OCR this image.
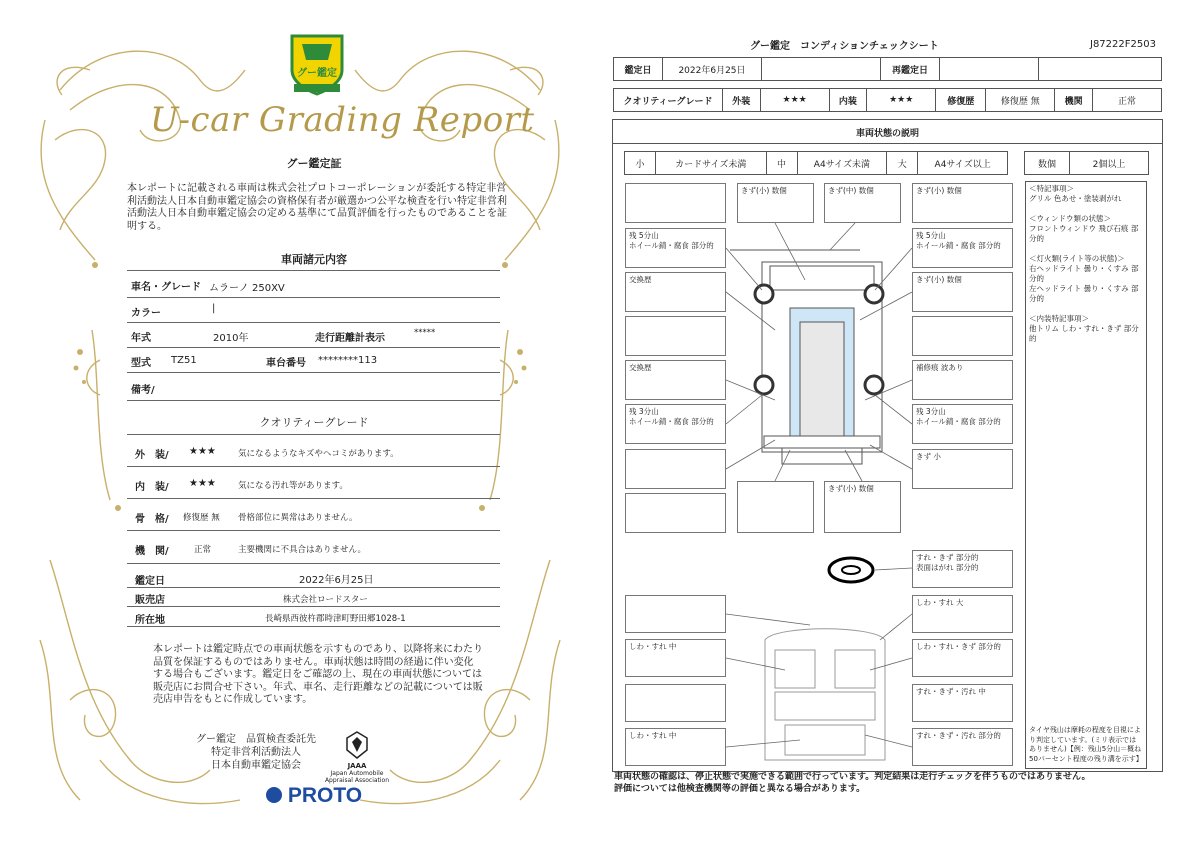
グー鑑定
U-car Grading Report
グー鑑定証
本レポートに記載される車両は株式会社プロトコーポレーションが委託する特定非営利活動法人日本自動車鑑定協会の資格保有者が厳選かつ公平な検査を行い特定非営利活動法人日本自動車鑑定協会の定める基準にて品質評価を行ったものであることを証明する。
車両諸元内容
車名・グレード ムラーノ 250XV
カラー	|
年式	2010年	走行距離計表示	*****
型式 TZ51	車台番号 ********113
備考/
クオリティーグレード
外　装/ ★★★	気になるようなキズやヘコミがあります。
内　装/ ★★★	気になる汚れ等があります。
骨　格/ 修復歴 無 骨格部位に異常はありません。
機　関/	正常	主要機関に不具合はありません。
鑑定日	2022年6月25日
販売店	株式会社ロードスター
所在地	長崎県西彼杵郡時津町野田郷1028-1
本レポートは鑑定時点での車両状態を示すものであり、以降将来にわたり品質を保証するものではありません。車両状態は時間の経過に伴い変化する場合もございます。鑑定日をご確認の上、現在の車両状態については販売店にお問合せ下さい。年式、車名、走行距離などの記載については販売店申告をもとに作成しています。
グー鑑定　品質検査委託先
特定非営利活動法人
日本自動車鑑定協会	JAAA
Japan Automobile Appraisal Association
PROTO
グー鑑定　コンディションチェックシート	J87222F2503
鑑定日	2022年6月25日		再鑑定日		
クオリティーグレード	外装	★★★	内装	★★★	修復歴	修復歴 無	機関	正常
車両状態の説明
小	カードサイズ未満	中	A4サイズ未満	大	A4サイズ以上	数個	2個以上
きず(小) 数個	きず(中) 数個	きず(小) 数個
残 5分山
ホイール錆・腐食 部分的
残 5分山
ホイール錆・腐食 部分的
交換歴	きず(小) 数個
交換歴	補修痕 波あり
残 3分山
ホイール錆・腐食 部分的
残 3分山
ホイール錆・腐食 部分的
きず 小
きず(小) 数個
すれ・きず 部分的
表面はがれ 部分的
しわ・すれ 大
しわ・すれ 中	しわ・すれ・きず 部分的
すれ・きず・汚れ 中
しわ・すれ 中	すれ・きず・汚れ 部分的
＜特記事項＞
グリル 色あせ・塗装剥がれ
＜ウィンドウ類の状態＞
フロントウィンドウ 飛び石痕 部分的
＜灯火類(ライト等の状態)＞
右ヘッドライト 曇り・くすみ 部分的
左ヘッドライト 曇り・くすみ 部分的
＜内装特記事項＞
他トリム しわ・すれ・きず 部分的
タイヤ残山は摩耗の程度を目視により判定しています。(ミリ表示ではありません)【例：残山5分山＝概ね50パーセント程度の残り溝を示す】
車両状態の確認は、停止状態で実施できる範囲で行っています。判定結果は走行チェックを伴うものではありません。
評価については他検査機関等の評価と異なる場合があります。
